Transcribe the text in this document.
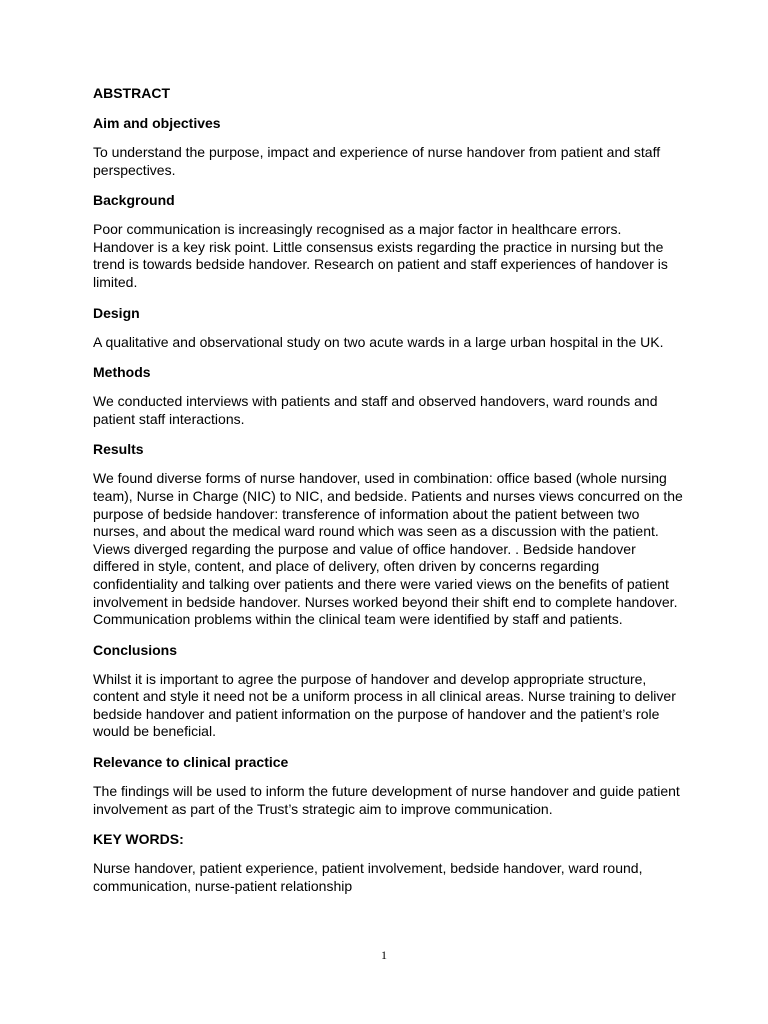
ABSTRACT
Aim and objectives
To understand the purpose, impact and experience of nurse handover from patient and staff perspectives.
Background
Poor communication is increasingly recognised as a major factor in healthcare errors. Handover is a key risk point. Little consensus exists regarding the practice in nursing but the trend is towards bedside handover. Research on patient and staff experiences of handover is limited.
Design
A qualitative and observational study on two acute wards in a large urban hospital in the UK.
Methods
We conducted interviews with patients and staff and observed handovers, ward rounds and patient staff interactions.
Results
We found diverse forms of nurse handover, used in combination: office based (whole nursing team), Nurse in Charge (NIC) to NIC, and bedside. Patients and nurses views concurred on the purpose of bedside handover: transference of information about the patient between two nurses, and about the medical ward round which was seen as a discussion with the patient. Views diverged regarding the purpose and value of office handover. . Bedside handover differed in style, content, and place of delivery, often driven by concerns regarding confidentiality and talking over patients and there were varied views on the benefits of patient involvement in bedside handover. Nurses worked beyond their shift end to complete handover. Communication problems within the clinical team were identified by staff and patients.
Conclusions
Whilst it is important to agree the purpose of handover and develop appropriate structure, content and style it need not be a uniform process in all clinical areas. Nurse training to deliver bedside handover and patient information on the purpose of handover and the patient’s role would be beneficial.
Relevance to clinical practice
The findings will be used to inform the future development of nurse handover and guide patient involvement as part of the Trust’s strategic aim to improve communication.
KEY WORDS:
Nurse handover, patient experience, patient involvement, bedside handover, ward round, communication, nurse-patient relationship
1
